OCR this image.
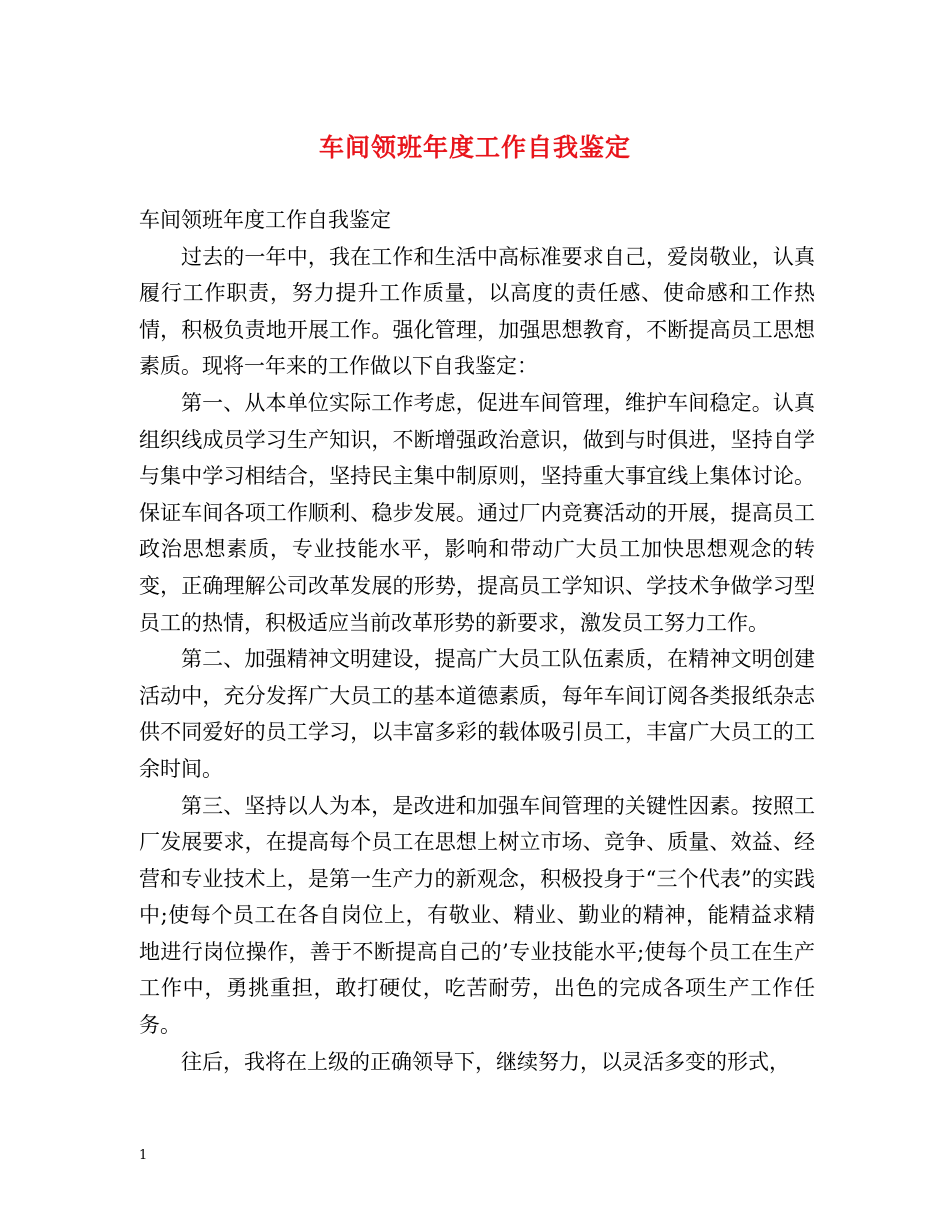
车间领班年度工作自我鉴定

车间领班年度工作自我鉴定

过去的一年中，我在工作和生活中高标准要求自己，爱岗敬业，认真履行工作职责，努力提升工作质量，以高度的责任感、使命感和工作热情，积极负责地开展工作。强化管理，加强思想教育，不断提高员工思想素质。现将一年来的工作做以下自我鉴定：

第一、从本单位实际工作考虑，促进车间管理，维护车间稳定。认真组织线成员学习生产知识，不断增强政治意识，做到与时俱进，坚持自学与集中学习相结合，坚持民主集中制原则，坚持重大事宜线上集体讨论。保证车间各项工作顺利、稳步发展。通过厂内竞赛活动的开展，提高员工政治思想素质，专业技能水平，影响和带动广大员工加快思想观念的转变，正确理解公司改革发展的形势，提高员工学知识、学技术争做学习型员工的热情，积极适应当前改革形势的新要求，激发员工努力工作。

第二、加强精神文明建设，提高广大员工队伍素质，在精神文明创建活动中，充分发挥广大员工的基本道德素质，每年车间订阅各类报纸杂志供不同爱好的员工学习，以丰富多彩的载体吸引员工，丰富广大员工的工余时间。

第三、坚持以人为本，是改进和加强车间管理的关键性因素。按照工厂发展要求，在提高每个员工在思想上树立市场、竞争、质量、效益、经营和专业技术上，是第一生产力的新观念，积极投身于“三个代表”的实践中;使每个员工在各自岗位上，有敬业、精业、勤业的精神，能精益求精地进行岗位操作，善于不断提高自己的’专业技能水平;使每个员工在生产工作中，勇挑重担，敢打硬仗，吃苦耐劳，出色的完成各项生产工作任务。

往后，我将在上级的正确领导下，继续努力，以灵活多变的形式，

1
